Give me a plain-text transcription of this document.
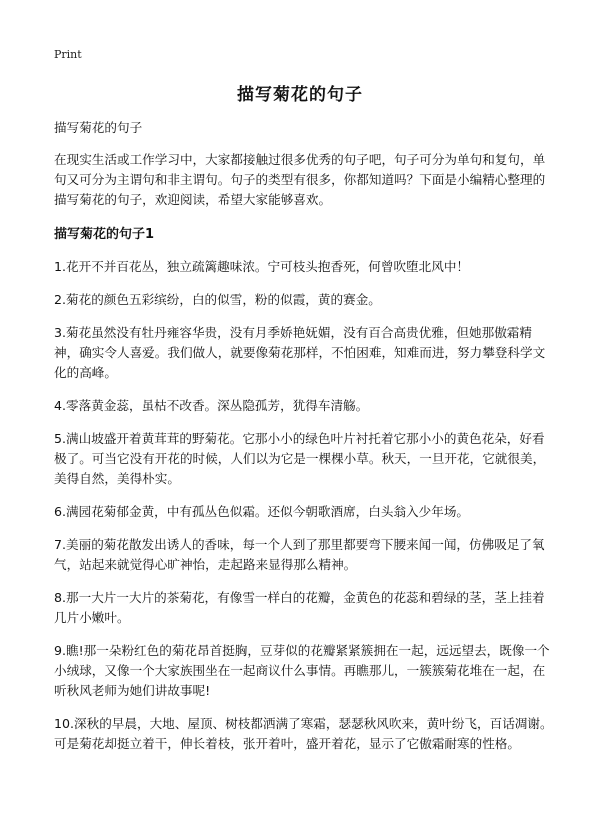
Print
描写菊花的句子

描写菊花的句子

在现实生活或工作学习中，大家都接触过很多优秀的句子吧，句子可分为单句和复句，单句又可分为主谓句和非主谓句。句子的类型有很多，你都知道吗？下面是小编精心整理的描写菊花的句子，欢迎阅读，希望大家能够喜欢。

描写菊花的句子1

1.花开不并百花丛，独立疏篱趣味浓。宁可枝头抱香死，何曾吹堕北风中！

2.菊花的颜色五彩缤纷，白的似雪，粉的似霞，黄的赛金。

3.菊花虽然没有牡丹雍容华贵，没有月季娇艳妩媚，没有百合高贵优雅，但她那傲霜精神，确实令人喜爱。我们做人，就要像菊花那样，不怕困难，知难而进，努力攀登科学文化的高峰。

4.零落黄金蕊，虽枯不改香。深丛隐孤芳，犹得车清觞。

5.满山坡盛开着黄茸茸的野菊花。它那小小的绿色叶片衬托着它那小小的黄色花朵，好看极了。可当它没有开花的时候，人们以为它是一棵棵小草。秋天，一旦开花，它就很美，美得自然，美得朴实。

6.满园花菊郁金黄，中有孤丛色似霜。还似今朝歌酒席，白头翁入少年场。

7.美丽的菊花散发出诱人的香味，每一个人到了那里都要弯下腰来闻一闻，仿佛吸足了氧气，站起来就觉得心旷神怡，走起路来显得那么精神。

8.那一大片一大片的茶菊花，有像雪一样白的花瓣，金黄色的花蕊和碧绿的茎，茎上挂着几片小嫩叶。

9.瞧!那一朵粉红色的菊花昂首挺胸，豆芽似的花瓣紧紧簇拥在一起，远远望去，既像一个小绒球，又像一个大家族围坐在一起商议什么事情。再瞧那儿，一簇簇菊花堆在一起，在听秋风老师为她们讲故事呢!

10.深秋的早晨，大地、屋顶、树枝都洒满了寒霜，瑟瑟秋风吹来，黄叶纷飞，百话凋谢。可是菊花却挺立着干，伸长着枝，张开着叶，盛开着花，显示了它傲霜耐寒的性格。
